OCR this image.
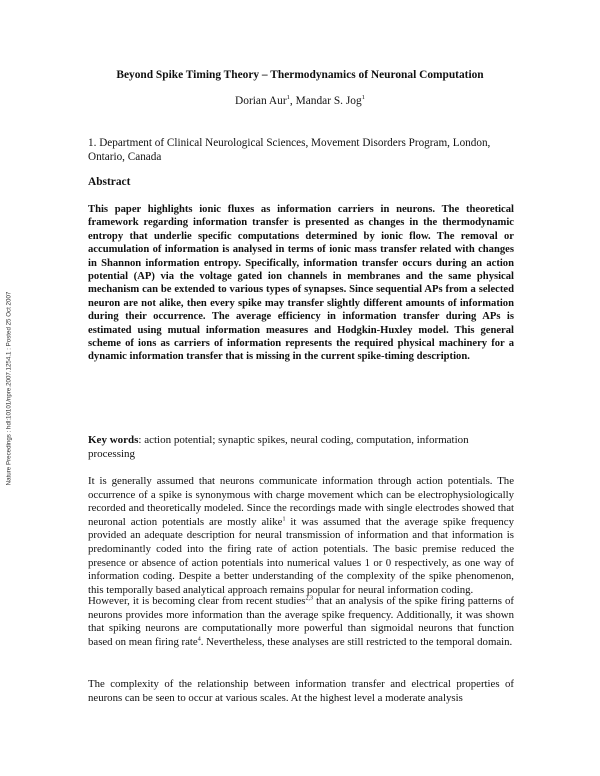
Nature Precedings : hdl:10101/npre.2007.1254.1 : Posted 25 Oct 2007
Beyond Spike Timing Theory – Thermodynamics of Neuronal Computation
Dorian Aur$^1$, Mandar S. Jog$^1$
1. Department of Clinical Neurological Sciences, Movement Disorders Program, London, Ontario, Canada
Abstract
This paper highlights ionic fluxes as information carriers in neurons. The theoretical framework regarding information transfer is presented as changes in the thermodynamic entropy that underlie specific computations determined by ionic flow. The removal or accumulation of information is analysed in terms of ionic mass transfer related with changes in Shannon information entropy. Specifically, information transfer occurs during an action potential (AP) via the voltage gated ion channels in membranes and the same physical mechanism can be extended to various types of synapses. Since sequential APs from a selected neuron are not alike, then every spike may transfer slightly different amounts of information during their occurrence. The average efficiency in information transfer during APs is estimated using mutual information measures and Hodgkin-Huxley model. This general scheme of ions as carriers of information represents the required physical machinery for a dynamic information transfer that is missing in the current spike-timing description.
Key words: action potential; synaptic spikes, neural coding, computation, information processing
It is generally assumed that neurons communicate information through action potentials. The occurrence of a spike is synonymous with charge movement which can be electrophysiologically recorded and theoretically modeled. Since the recordings made with single electrodes showed that neuronal action potentials are mostly alike$^1$ it was assumed that the average spike frequency provided an adequate description for neural transmission of information and that information is predominantly coded into the firing rate of action potentials. The basic premise reduced the presence or absence of action potentials into numerical values 1 or 0 respectively, as one way of information coding. Despite a better understanding of the complexity of the spike phenomenon, this temporally based analytical approach remains popular for neural information coding.
However, it is becoming clear from recent studies$^{2,3}$ that an analysis of the spike firing patterns of neurons provides more information than the average spike frequency. Additionally, it was shown that spiking neurons are computationally more powerful than sigmoidal neurons that function based on mean firing rate$^4$. Nevertheless, these analyses are still restricted to the temporal domain.
The complexity of the relationship between information transfer and electrical properties of neurons can be seen to occur at various scales. At the highest level a moderate analysis
